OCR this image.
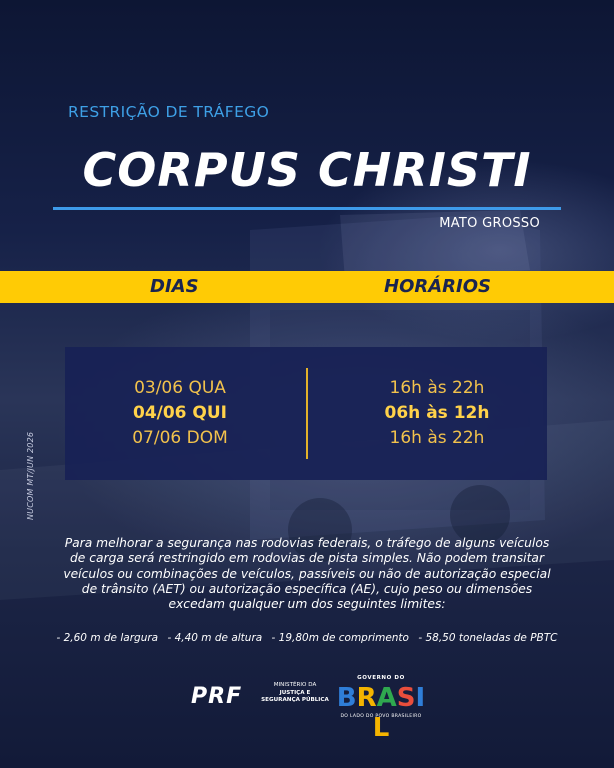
RESTRIÇÃO DE TRÁFEGO
CORPUS CHRISTI
MATO GROSSO
DIAS	HORÁRIOS
03/06 QUA
04/06 QUI
07/06 DOM
16h às 22h
06h às 12h
16h às 22h
NUCOM MT/JUN 2026

Para melhorar a segurança nas rodovias federais, o tráfego de alguns veículos de carga será restringido em rodovias de pista simples. Não podem transitar veículos ou combinações de veículos, passíveis ou não de autorização especial de trânsito (AET) ou autorização específica (AE), cujo peso ou dimensões excedam qualquer um dos seguintes limites:

- 2,60 m de largura - 4,40 m de altura - 19,80m de comprimento - 58,50 toneladas de PBTC
PRF	MINISTÉRIO DA
JUSTIÇA E
SEGURANÇA PÚBLICA
GOVERNO DO
BRASIL
DO LADO DO POVO BRASILEIRO
